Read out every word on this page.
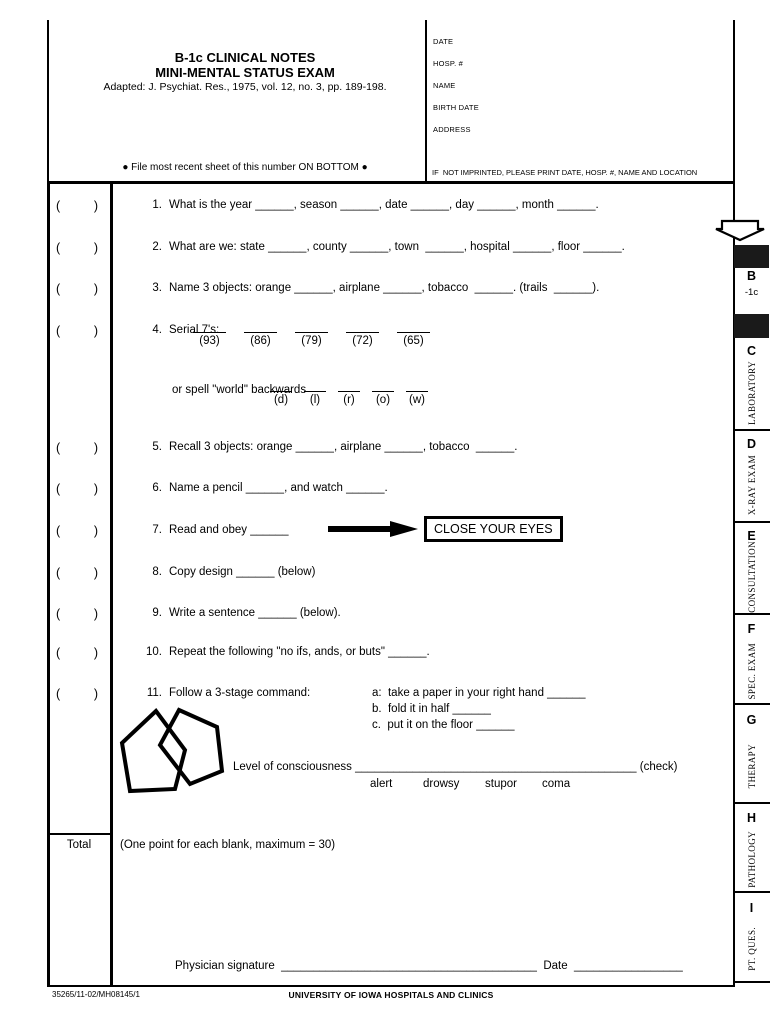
B-1c CLINICAL NOTES
MINI-MENTAL STATUS EXAM
Adapted: J. Psychiat. Res., 1975, vol. 12, no. 3, pp. 189-198.
● File most recent sheet of this number ON BOTTOM ●
DATE
HOSP. #
NAME
BIRTH DATE
ADDRESS
IF  NOT IMPRINTED, PLEASE PRINT DATE, HOSP. #, NAME AND LOCATION
(	)
(	)
(	)
(	)
(	)
(	)
(	)
(	)
(	)
(	)
(	)
1. What is the year ______, season ______, date ______, day ______, month ______.
2. What are we: state ______, county ______, town  ______, hospital ______, floor ______.
3. Name 3 objects: orange ______, airplane ______, tobacco  ______. (trails  ______).
4. Serial 7's:
(93)	(86)	(79)	(72)	(65)
or spell "world" backwards
(d)	(l)	(r)	(o)	(w)
5. Recall 3 objects: orange ______, airplane ______, tobacco  ______.
6. Name a pencil ______, and watch ______.
7. Read and obey ______	CLOSE YOUR EYES
8. Copy design ______ (below)
9. Write a sentence ______ (below).
10. Repeat the following "no ifs, ands, or buts" ______.
11. Follow a 3-stage command:	a:  take a paper in your right hand ______
b.  fold it in half ______
c.  put it on the floor ______
Level of consciousness ____________________________________________ (check)
alert	drowsy stupor coma
Total	(One point for each blank, maximum = 30)
Physician signature ________________________________________ Date _________________
35265/11-02/MH08145/1	UNIVERSITY OF IOWA HOSPITALS AND CLINICS
B
-1c
C
LABORATORY
D
X-RAY EXAM
E
CONSULTATION
F
SPEC. EXAM
G
THERAPY
H
PATHOLOGY
I
PT. QUES.
